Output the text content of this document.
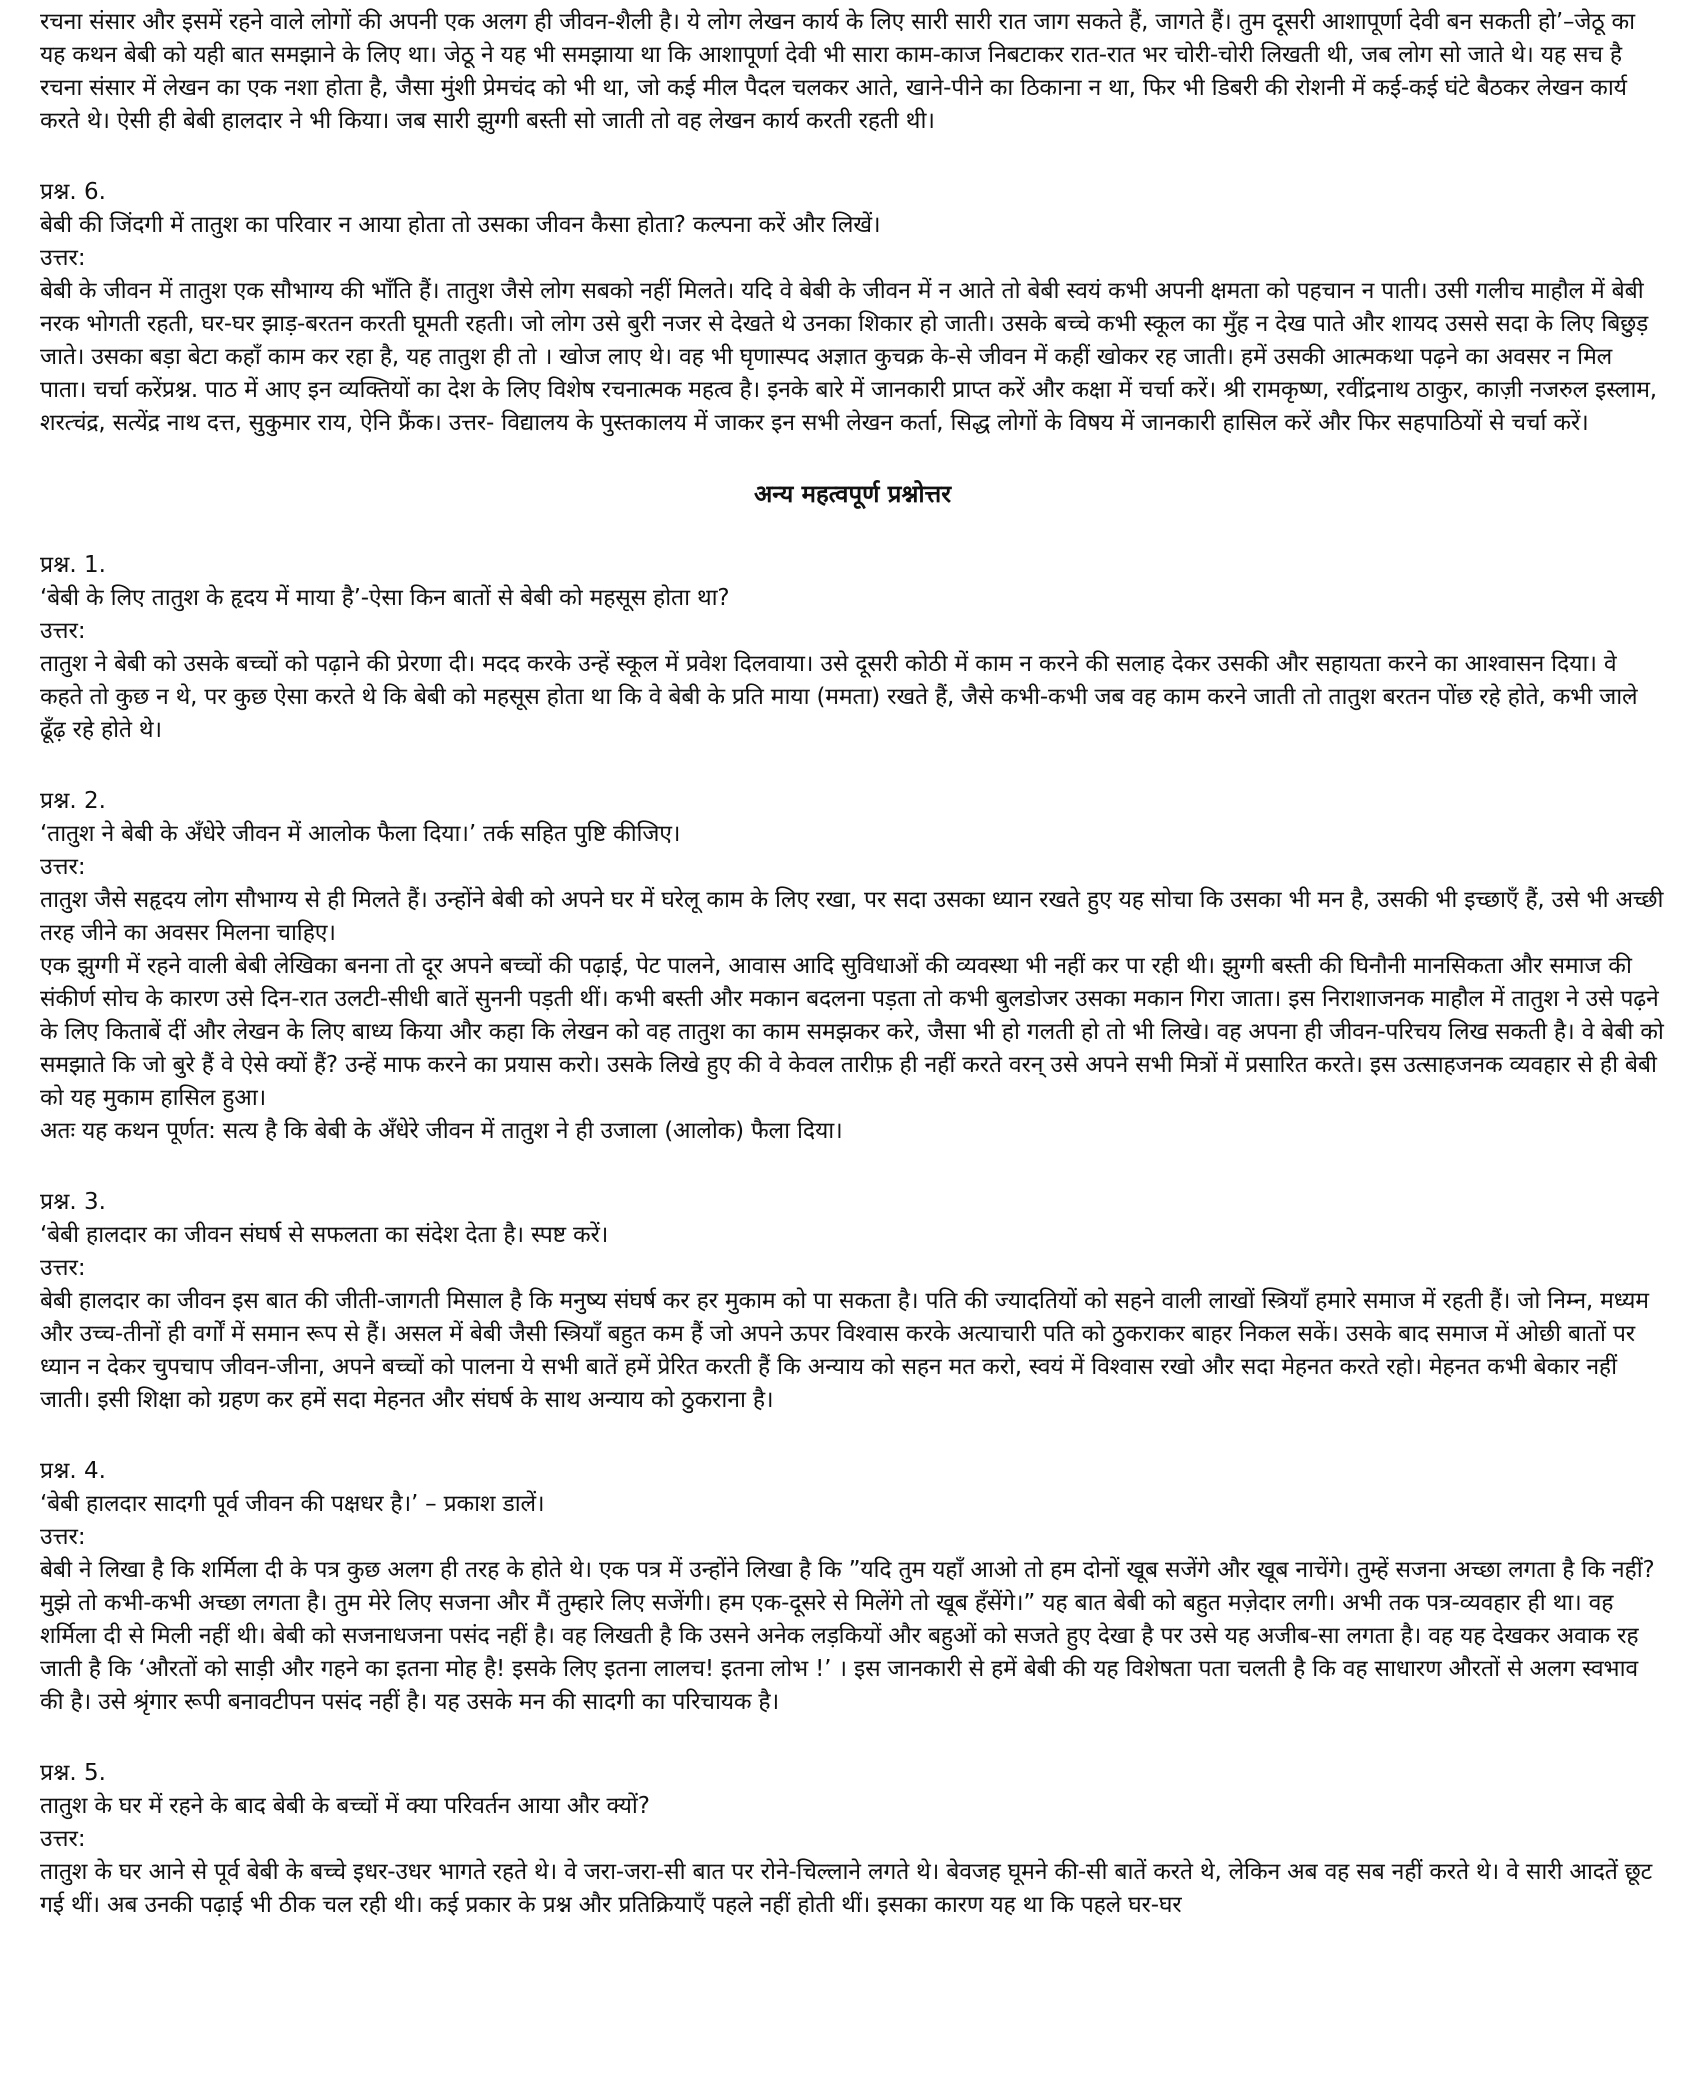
रचना संसार और इसमें रहने वाले लोगों की अपनी एक अलग ही जीवन-शैली है। ये लोग लेखन कार्य के लिए सारी सारी रात जाग सकते हैं, जागते हैं। तुम दूसरी आशापूर्णा देवी बन सकती हो’–जेठू का यह कथन बेबी को यही बात समझाने के लिए था। जेठू ने यह भी समझाया था कि आशापूर्णा देवी भी सारा काम-काज निबटाकर रात-रात भर चोरी-चोरी लिखती थी, जब लोग सो जाते थे। यह सच है रचना संसार में लेखन का एक नशा होता है, जैसा मुंशी प्रेमचंद को भी था, जो कई मील पैदल चलकर आते, खाने-पीने का ठिकाना न था, फिर भी डिबरी की रोशनी में कई-कई घंटे बैठकर लेखन कार्य करते थे। ऐसी ही बेबी हालदार ने भी किया। जब सारी झुग्गी बस्ती सो जाती तो वह लेखन कार्य करती रहती थी।

प्रश्न. 6.

बेबी की जिंदगी में तातुश का परिवार न आया होता तो उसका जीवन कैसा होता? कल्पना करें और लिखें।

उत्तर:

बेबी के जीवन में तातुश एक सौभाग्य की भाँति हैं। तातुश जैसे लोग सबको नहीं मिलते। यदि वे बेबी के जीवन में न आते तो बेबी स्वयं कभी अपनी क्षमता को पहचान न पाती। उसी गलीच माहौल में बेबी नरक भोगती रहती, घर-घर झाड़-बरतन करती घूमती रहती। जो लोग उसे बुरी नजर से देखते थे उनका शिकार हो जाती। उसके बच्चे कभी स्कूल का मुँह न देख पाते और शायद उससे सदा के लिए बिछुड़ जाते। उसका बड़ा बेटा कहाँ काम कर रहा है, यह तातुश ही तो । खोज लाए थे। वह भी घृणास्पद अज्ञात कुचक्र के-से जीवन में कहीं खोकर रह जाती। हमें उसकी आत्मकथा पढ़ने का अवसर न मिल पाता। चर्चा करेंप्रश्न. पाठ में आए इन व्यक्तियों का देश के लिए विशेष रचनात्मक महत्व है। इनके बारे में जानकारी प्राप्त करें और कक्षा में चर्चा करें। श्री रामकृष्ण, रवींद्रनाथ ठाकुर, काज़ी नजरुल इस्लाम, शरत्चंद्र, सत्येंद्र नाथ दत्त, सुकुमार राय, ऐनि फ्रैंक। उत्तर- विद्यालय के पुस्तकालय में जाकर इन सभी लेखन कर्ता, सिद्ध लोगों के विषय में जानकारी हासिल करें और फिर सहपाठियों से चर्चा करें।

अन्य महत्वपूर्ण प्रश्नोत्तर
प्रश्न. 1.

‘बेबी के लिए तातुश के हृदय में माया है’-ऐसा किन बातों से बेबी को महसूस होता था?

उत्तर:

तातुश ने बेबी को उसके बच्चों को पढ़ाने की प्रेरणा दी। मदद करके उन्हें स्कूल में प्रवेश दिलवाया। उसे दूसरी कोठी में काम न करने की सलाह देकर उसकी और सहायता करने का आश्वासन दिया। वे कहते तो कुछ न थे, पर कुछ ऐसा करते थे कि बेबी को महसूस होता था कि वे बेबी के प्रति माया (ममता) रखते हैं, जैसे कभी-कभी जब वह काम करने जाती तो तातुश बरतन पोंछ रहे होते, कभी जाले ढूँढ़ रहे होते थे।

प्रश्न. 2.

‘तातुश ने बेबी के अँधेरे जीवन में आलोक फैला दिया।’ तर्क सहित पुष्टि कीजिए।

उत्तर:

तातुश जैसे सहृदय लोग सौभाग्य से ही मिलते हैं। उन्होंने बेबी को अपने घर में घरेलू काम के लिए रखा, पर सदा उसका ध्यान रखते हुए यह सोचा कि उसका भी मन है, उसकी भी इच्छाएँ हैं, उसे भी अच्छी तरह जीने का अवसर मिलना चाहिए।

एक झुग्गी में रहने वाली बेबी लेखिका बनना तो दूर अपने बच्चों की पढ़ाई, पेट पालने, आवास आदि सुविधाओं की व्यवस्था भी नहीं कर पा रही थी। झुग्गी बस्ती की घिनौनी मानसिकता और समाज की संकीर्ण सोच के कारण उसे दिन-रात उलटी-सीधी बातें सुननी पड़ती थीं। कभी बस्ती और मकान बदलना पड़ता तो कभी बुलडोजर उसका मकान गिरा जाता। इस निराशाजनक माहौल में तातुश ने उसे पढ़ने के लिए किताबें दीं और लेखन के लिए बाध्य किया और कहा कि लेखन को वह तातुश का काम समझकर करे, जैसा भी हो गलती हो तो भी लिखे। वह अपना ही जीवन-परिचय लिख सकती है। वे बेबी को समझाते कि जो बुरे हैं वे ऐसे क्यों हैं? उन्हें माफ करने का प्रयास करो। उसके लिखे हुए की वे केवल तारीफ़ ही नहीं करते वरन् उसे अपने सभी मित्रों में प्रसारित करते। इस उत्साहजनक व्यवहार से ही बेबी को यह मुकाम हासिल हुआ।

अतः यह कथन पूर्णत: सत्य है कि बेबी के अँधेरे जीवन में तातुश ने ही उजाला (आलोक) फैला दिया।

प्रश्न. 3.

‘बेबी हालदार का जीवन संघर्ष से सफलता का संदेश देता है। स्पष्ट करें।

उत्तर:

बेबी हालदार का जीवन इस बात की जीती-जागती मिसाल है कि मनुष्य संघर्ष कर हर मुकाम को पा सकता है। पति की ज्यादतियों को सहने वाली लाखों स्त्रियाँ हमारे समाज में रहती हैं। जो निम्न, मध्यम और उच्च-तीनों ही वर्गों में समान रूप से हैं। असल में बेबी जैसी स्त्रियाँ बहुत कम हैं जो अपने ऊपर विश्वास करके अत्याचारी पति को ठुकराकर बाहर निकल सकें। उसके बाद समाज में ओछी बातों पर ध्यान न देकर चुपचाप जीवन-जीना, अपने बच्चों को पालना ये सभी बातें हमें प्रेरित करती हैं कि अन्याय को सहन मत करो, स्वयं में विश्वास रखो और सदा मेहनत करते रहो। मेहनत कभी बेकार नहीं जाती। इसी शिक्षा को ग्रहण कर हमें सदा मेहनत और संघर्ष के साथ अन्याय को ठुकराना है।

प्रश्न. 4.

‘बेबी हालदार सादगी पूर्व जीवन की पक्षधर है।’ – प्रकाश डालें।

उत्तर:

बेबी ने लिखा है कि शर्मिला दी के पत्र कुछ अलग ही तरह के होते थे। एक पत्र में उन्होंने लिखा है कि ”यदि तुम यहाँ आओ तो हम दोनों खूब सजेंगे और खूब नाचेंगे। तुम्हें सजना अच्छा लगता है कि नहीं? मुझे तो कभी-कभी अच्छा लगता है। तुम मेरे लिए सजना और मैं तुम्हारे लिए सजेंगी। हम एक-दूसरे से मिलेंगे तो खूब हँसेंगे।” यह बात बेबी को बहुत मज़ेदार लगी। अभी तक पत्र-व्यवहार ही था। वह शर्मिला दी से मिली नहीं थी। बेबी को सजनाधजना पसंद नहीं है। वह लिखती है कि उसने अनेक लड़कियों और बहुओं को सजते हुए देखा है पर उसे यह अजीब-सा लगता है। वह यह देखकर अवाक रह जाती है कि ‘औरतों को साड़ी और गहने का इतना मोह है! इसके लिए इतना लालच! इतना लोभ !’ । इस जानकारी से हमें बेबी की यह विशेषता पता चलती है कि वह साधारण औरतों से अलग स्वभाव की है। उसे श्रृंगार रूपी बनावटीपन पसंद नहीं है। यह उसके मन की सादगी का परिचायक है।

प्रश्न. 5.

तातुश के घर में रहने के बाद बेबी के बच्चों में क्या परिवर्तन आया और क्यों?

उत्तर:

तातुश के घर आने से पूर्व बेबी के बच्चे इधर-उधर भागते रहते थे। वे जरा-जरा-सी बात पर रोने-चिल्लाने लगते थे। बेवजह घूमने की-सी बातें करते थे, लेकिन अब वह सब नहीं करते थे। वे सारी आदतें छूट गई थीं। अब उनकी पढ़ाई भी ठीक चल रही थी। कई प्रकार के प्रश्न और प्रतिक्रियाएँ पहले नहीं होती थीं। इसका कारण यह था कि पहले घर-घर
